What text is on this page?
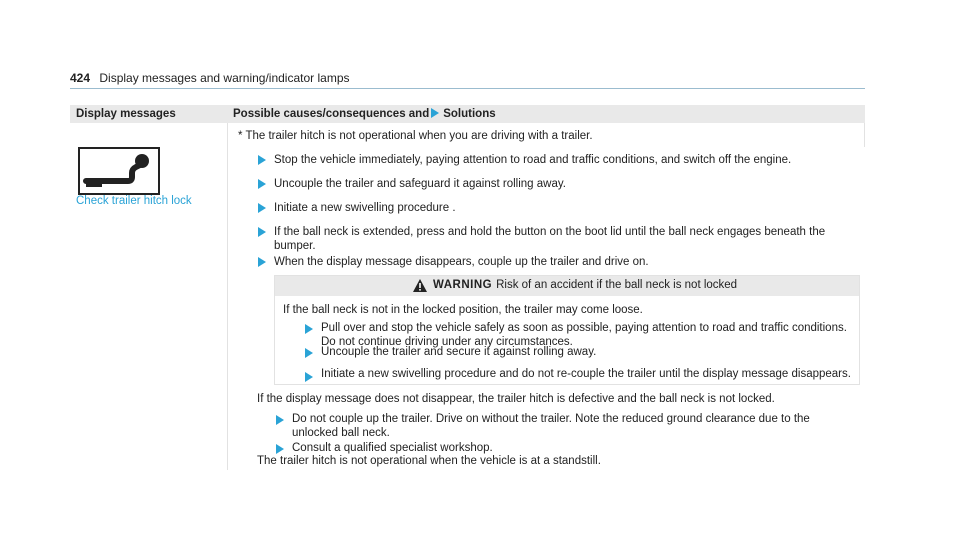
424 Display messages and warning/indicator lamps
Display messages	Possible causes/consequences and Solutions
Check trailer hitch lock
* The trailer hitch is not operational when you are driving with a trailer.
Stop the vehicle immediately, paying attention to road and traffic conditions, and switch off the engine.
Uncouple the trailer and safeguard it against rolling away.
Initiate a new swivelling procedure .
If the ball neck is extended, press and hold the button on the boot lid until the ball neck engages beneath the
bumper.
When the display message disappears, couple up the trailer and drive on.
WARNING Risk of an accident if the ball neck is not locked
If the ball neck is not in the locked position, the trailer may come loose.
Pull over and stop the vehicle safely as soon as possible, paying attention to road and traffic conditions.
Do not continue driving under any circumstances.
Uncouple the trailer and secure it against rolling away.
Initiate a new swivelling procedure and do not re-couple the trailer until the display message disappears.
If the display message does not disappear, the trailer hitch is defective and the ball neck is not locked.
Do not couple up the trailer. Drive on without the trailer. Note the reduced ground clearance due to the
unlocked ball neck.
Consult a qualified specialist workshop.
The trailer hitch is not operational when the vehicle is at a standstill.
